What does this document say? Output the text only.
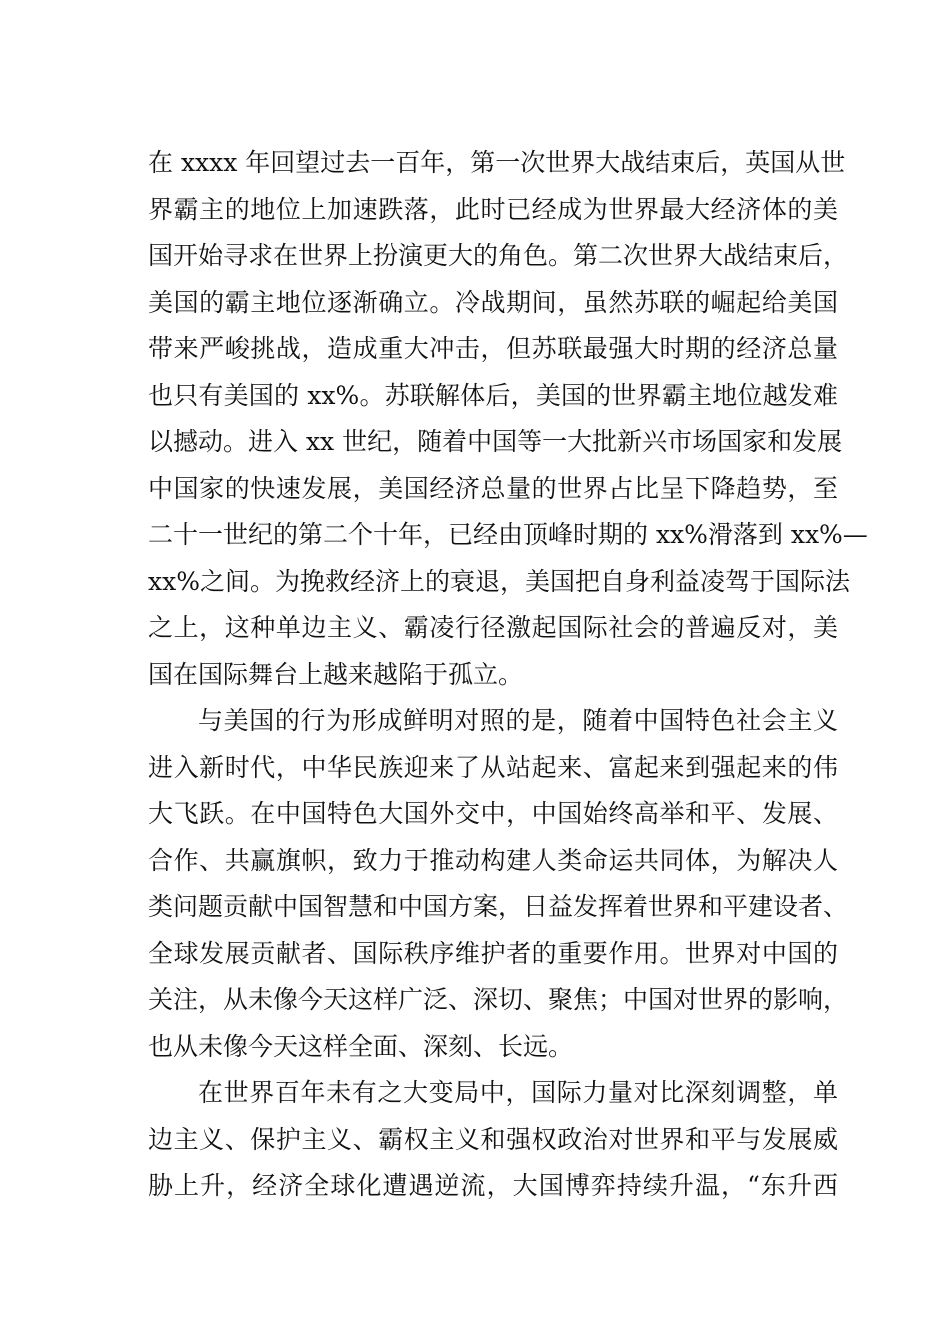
在 xxxx 年回望过去一百年，第一次世界大战结束后，英国从世
界霸主的地位上加速跌落，此时已经成为世界最大经济体的美
国开始寻求在世界上扮演更大的角色。第二次世界大战结束后，
美国的霸主地位逐渐确立。冷战期间，虽然苏联的崛起给美国
带来严峻挑战，造成重大冲击，但苏联最强大时期的经济总量
也只有美国的 xx%。苏联解体后，美国的世界霸主地位越发难
以撼动。进入 xx 世纪，随着中国等一大批新兴市场国家和发展
中国家的快速发展，美国经济总量的世界占比呈下降趋势，至
二十一世纪的第二个十年，已经由顶峰时期的 xx%滑落到 xx%—
xx%之间。为挽救经济上的衰退，美国把自身利益凌驾于国际法
之上，这种单边主义、霸凌行径激起国际社会的普遍反对，美
国在国际舞台上越来越陷于孤立。
与美国的行为形成鲜明对照的是，随着中国特色社会主义
进入新时代，中华民族迎来了从站起来、富起来到强起来的伟
大飞跃。在中国特色大国外交中，中国始终高举和平、发展、
合作、共赢旗帜，致力于推动构建人类命运共同体，为解决人
类问题贡献中国智慧和中国方案，日益发挥着世界和平建设者、
全球发展贡献者、国际秩序维护者的重要作用。世界对中国的
关注，从未像今天这样广泛、深切、聚焦；中国对世界的影响，
也从未像今天这样全面、深刻、长远。
在世界百年未有之大变局中，国际力量对比深刻调整，单
边主义、保护主义、霸权主义和强权政治对世界和平与发展威
胁上升，经济全球化遭遇逆流，大国博弈持续升温，“东升西
